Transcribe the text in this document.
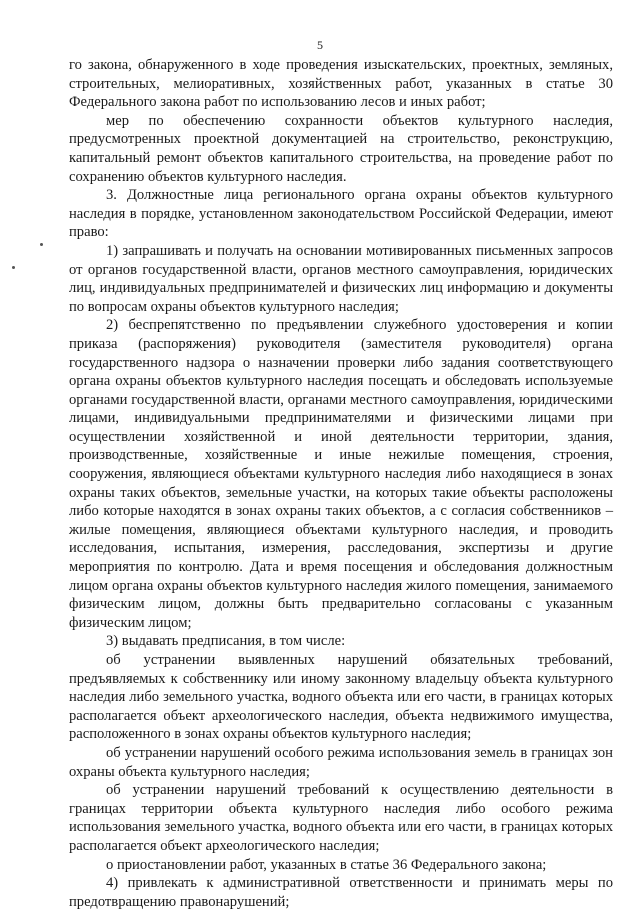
5

го закона, обнаруженного в ходе проведения изыскательских, проектных, земляных, строительных, мелиоративных, хозяйственных работ, указанных в статье 30 Федерального закона работ по использованию лесов и иных работ;

мер по обеспечению сохранности объектов культурного наследия, предусмотренных проектной документацией на строительство, реконструкцию, капитальный ремонт объектов капитального строительства, на проведение работ по сохранению объектов культурного наследия.

3. Должностные лица регионального органа охраны объектов культурного наследия в порядке, установленном законодательством Российской Федерации, имеют право:

1) запрашивать и получать на основании мотивированных письменных запросов от органов государственной власти, органов местного самоуправления, юридических лиц, индивидуальных предпринимателей и физических лиц информацию и документы по вопросам охраны объектов культурного наследия;

2) беспрепятственно по предъявлении служебного удостоверения и копии приказа (распоряжения) руководителя (заместителя руководителя) органа государственного надзора о назначении проверки либо задания соответствующего органа охраны объектов культурного наследия посещать и обследовать используемые органами государственной власти, органами местного самоуправления, юридическими лицами, индивидуальными предпринимателями и физическими лицами при осуществлении хозяйственной и иной деятельности территории, здания, производственные, хозяйственные и иные нежилые помещения, строения, сооружения, являющиеся объектами культурного наследия либо находящиеся в зонах охраны таких объектов, земельные участки, на которых такие объекты расположены либо которые находятся в зонах охраны таких объектов, а с согласия собственников – жилые помещения, являющиеся объектами культурного наследия, и проводить исследования, испытания, измерения, расследования, экспертизы и другие мероприятия по контролю. Дата и время посещения и обследования должностным лицом органа охраны объектов культурного наследия жилого помещения, занимаемого физическим лицом, должны быть предварительно согласованы с указанным физическим лицом;

3) выдавать предписания, в том числе:

об устранении выявленных нарушений обязательных требований, предъявляемых к собственнику или иному законному владельцу объекта культурного наследия либо земельного участка, водного объекта или его части, в границах которых располагается объект археологического наследия, объекта недвижимого имущества, расположенного в зонах охраны объектов культурного наследия;

об устранении нарушений особого режима использования земель в границах зон охраны объекта культурного наследия;

об устранении нарушений требований к осуществлению деятельности в границах территории объекта культурного наследия либо особого режима использования земельного участка, водного объекта или его части, в границах которых располагается объект археологического наследия;

о приостановлении работ, указанных в статье 36 Федерального закона;

4) привлекать к административной ответственности и принимать меры по предотвращению правонарушений;
